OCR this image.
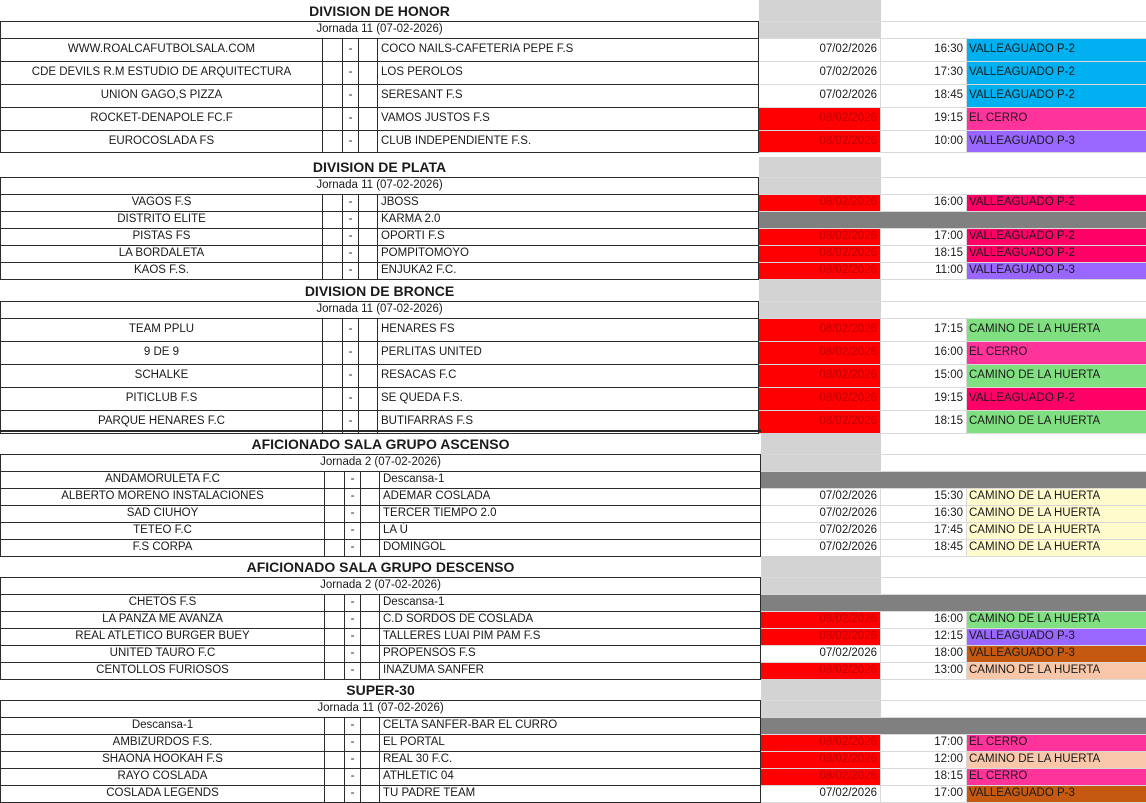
DIVISION DE HONOR
Jornada 11 (07-02-2026)
WWW.ROALCAFUTBOLSALA.COM	-	COCO NAILS-CAFETERIA PEPE F.S	07/02/2026	16:30 VALLEAGUADO P-2
CDE DEVILS R.M ESTUDIO DE ARQUITECTURA	-	LOS PEROLOS	07/02/2026	17:30 VALLEAGUADO P-2
UNION GAGO,S PIZZA	-	SERESANT F.S	07/02/2026	18:45 VALLEAGUADO P-2
ROCKET-DENAPOLE FC.F	-	VAMOS JUSTOS F.S	08/02/2026	19:15 EL CERRO
EUROCOSLADA FS	-	CLUB INDEPENDIENTE F.S.	08/02/2026	10:00 VALLEAGUADO P-3
DIVISION DE PLATA
Jornada 11 (07-02-2026)
VAGOS F.S	-	JBOSS	08/02/2026	16:00 VALLEAGUADO P-2
DISTRITO ELITE	-	KARMA 2.0
PISTAS FS	-	OPORTI F.S	08/02/2026	17:00 VALLEAGUADO P-2
LA BORDALETA	-	POMPITOMOYO	08/02/2026	18:15 VALLEAGUADO P-2
KAOS F.S.	-	ENJUKA2 F.C.	08/02/2026	11:00 VALLEAGUADO P-3
DIVISION DE BRONCE
Jornada 11 (07-02-2026)
TEAM PPLU	-	HENARES FS	08/02/2026	17:15 CAMINO DE LA HUERTA
9 DE 9	-	PERLITAS UNITED	08/02/2026	16:00 EL CERRO
SCHALKE	-	RESACAS F.C	08/02/2026	15:00 CAMINO DE LA HUERTA
PITICLUB F.S	-	SE QUEDA F.S.	08/02/2026	19:15 VALLEAGUADO P-2
PARQUE HENARES F.C	-	BUTIFARRAS F.S	08/02/2026	18:15 CAMINO DE LA HUERTA
AFICIONADO SALA GRUPO ASCENSO
Jornada 2 (07-02-2026)
ANDAMORULETA F.C	-	Descansa-1
ALBERTO MORENO INSTALACIONES	-	ADEMAR COSLADA	07/02/2026	15:30 CAMINO DE LA HUERTA
SAD CIUHOY	-	TERCER TIEMPO 2.0	07/02/2026	16:30 CAMINO DE LA HUERTA
TETEO F.C	-	LA Ú	07/02/2026	17:45 CAMINO DE LA HUERTA
F.S CORPA	-	DOMINGOL	07/02/2026	18:45 CAMINO DE LA HUERTA
AFICIONADO SALA GRUPO DESCENSO
Jornada 2 (07-02-2026)
CHETOS F.S	-	Descansa-1
LA PANZA ME AVANZA	-	C.D SORDOS DE COSLADA	08/02/2026	16:00 CAMINO DE LA HUERTA
REAL ATLETICO BURGER BUEY	-	TALLERES LUAI PIM PAM F.S	08/02/2026	12:15 VALLEAGUADO P-3
UNITED TAURO F.C	-	PROPENSOS F.S	07/02/2026	18:00 VALLEAGUADO P-3
CENTOLLOS FURIOSOS	-	INAZUMA SANFER	08/02/2026	13:00 CAMINO DE LA HUERTA
SUPER-30
Jornada 11 (07-02-2026)
Descansa-1	-	CELTA SANFER-BAR EL CURRO
AMBIZURDOS F.S.	-	EL PORTAL	08/02/2026	17:00 EL CERRO
SHAONA HOOKAH F.S	-	REAL 30 F.C.	08/02/2026	12:00 CAMINO DE LA HUERTA
RAYO COSLADA	-	ATHLETIC 04	08/02/2026	18:15 EL CERRO
COSLADA LEGENDS	-	TU PADRE TEAM	07/02/2026	17:00 VALLEAGUADO P-3
